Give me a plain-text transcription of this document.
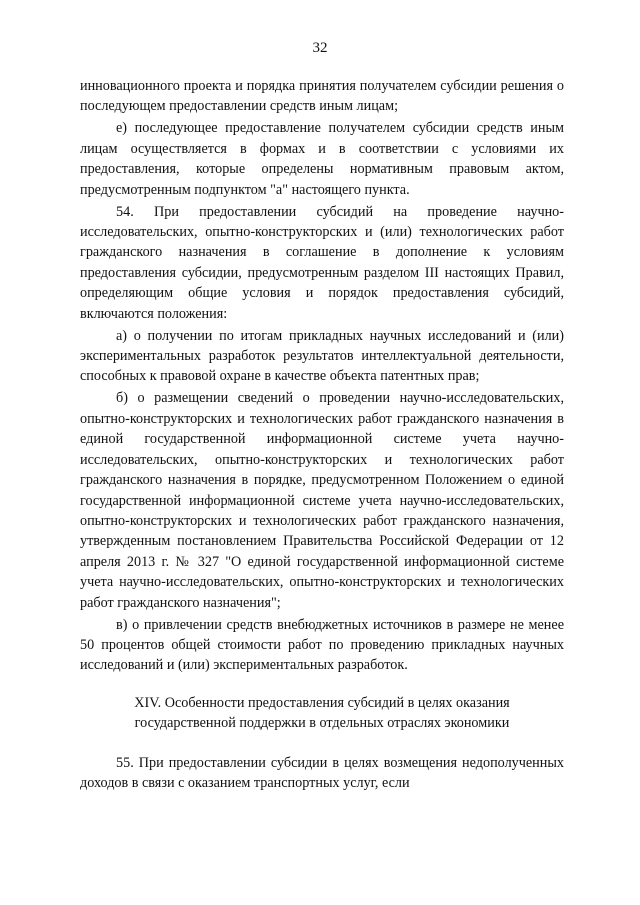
32

инновационного проекта и порядка принятия получателем субсидии решения о последующем предоставлении средств иным лицам;

е) последующее предоставление получателем субсидии средств иным лицам осуществляется в формах и в соответствии с условиями их предоставления, которые определены нормативным правовым актом, предусмотренным подпунктом "а" настоящего пункта.

54. При предоставлении субсидий на проведение научно-исследовательских, опытно-конструкторских и (или) технологических работ гражданского назначения в соглашение в дополнение к условиям предоставления субсидии, предусмотренным разделом III настоящих Правил, определяющим общие условия и порядок предоставления субсидий, включаются положения:

а) о получении по итогам прикладных научных исследований и (или) экспериментальных разработок результатов интеллектуальной деятельности, способных к правовой охране в качестве объекта патентных прав;

б) о размещении сведений о проведении научно-исследовательских, опытно-конструкторских и технологических работ гражданского назначения в единой государственной информационной системе учета научно-исследовательских, опытно-конструкторских и технологических работ гражданского назначения в порядке, предусмотренном Положением о единой государственной информационной системе учета научно-исследовательских, опытно-конструкторских и технологических работ гражданского назначения, утвержденным постановлением Правительства Российской Федерации от 12 апреля 2013 г. № 327 "О единой государственной информационной системе учета научно-исследовательских, опытно-конструкторских и технологических работ гражданского назначения";

в) о привлечении средств внебюджетных источников в размере не менее 50 процентов общей стоимости работ по проведению прикладных научных исследований и (или) экспериментальных разработок.

XIV. Особенности предоставления субсидий в целях оказания
государственной поддержки в отдельных отраслях экономики

55. При предоставлении субсидии в целях возмещения недополученных доходов в связи с оказанием транспортных услуг, если
